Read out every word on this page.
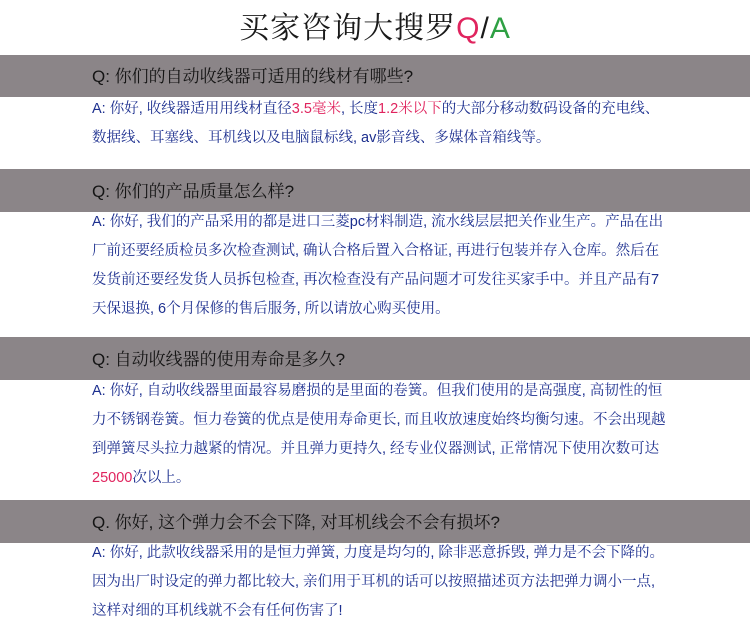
买家咨询大搜罗Q/A
Q: 你们的自动收线器可适用的线材有哪些?
A: 你好, 收线器适用用线材直径3.5毫米, 长度1.2米以下的大部分移动数码设备的充电线、数据线、耳塞线、耳机线以及电脑鼠标线, av影音线、多媒体音箱线等。
Q: 你们的产品质量怎么样?
A: 你好, 我们的产品采用的都是进口三菱pc材料制造, 流水线层层把关作业生产。产品在出厂前还要经质检员多次检查测试, 确认合格后置入合格证, 再进行包装并存入仓库。然后在发货前还要经发货人员拆包检查, 再次检查没有产品问题才可发往买家手中。并且产品有7天保退换, 6个月保修的售后服务, 所以请放心购买使用。
Q: 自动收线器的使用寿命是多久?
A: 你好, 自动收线器里面最容易磨损的是里面的卷簧。但我们使用的是高强度, 高韧性的恒力不锈钢卷簧。恒力卷簧的优点是使用寿命更长, 而且收放速度始终均衡匀速。不会出现越到弹簧尽头拉力越紧的情况。并且弹力更持久, 经专业仪器测试, 正常情况下使用次数可达25000次以上。
Q. 你好, 这个弹力会不会下降, 对耳机线会不会有损坏?
A: 你好, 此款收线器采用的是恒力弹簧, 力度是均匀的, 除非恶意拆毁, 弹力是不会下降的。因为出厂时设定的弹力都比较大, 亲们用于耳机的话可以按照描述页方法把弹力调小一点, 这样对细的耳机线就不会有任何伤害了!
